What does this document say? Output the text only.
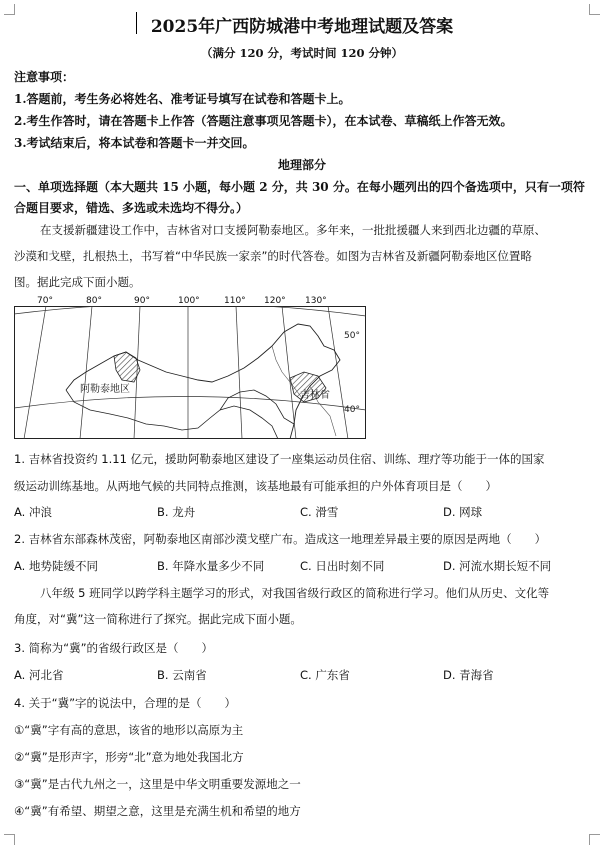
2025年广西防城港中考地理试题及答案
（满分 120 分，考试时间 120 分钟）
注意事项：
1.答题前，考生务必将姓名、准考证号填写在试卷和答题卡上。
2.考生作答时，请在答题卡上作答（答题注意事项见答题卡），在本试卷、草稿纸上作答无效。
3.考试结束后，将本试卷和答题卡一并交回。
地理部分
一、单项选择题（本大题共 15 小题，每小题 2 分，共 30 分。在每小题列出的四个备选项中，只有一项符
合题目要求，错选、多选或未选均不得分。）
在支援新疆建设工作中，吉林省对口支援阿勒泰地区。多年来，一批批援疆人来到西北边疆的草原、
沙漠和戈壁，扎根热土，书写着“中华民族一家亲”的时代答卷。如图为吉林省及新疆阿勒泰地区位置略
图。据此完成下面小题。
阿勒泰地区
吉林省
50°
40°
70°	80°	90°	100°	110° 120° 130°
1. 吉林省投资约 1.11 亿元，援助阿勒泰地区建设了一座集运动员住宿、训练、理疗等功能于一体的国家
级运动训练基地。从两地气候的共同特点推测，该基地最有可能承担的户外体育项目是（　　）
A. 冲浪	B. 龙舟	C. 滑雪	D. 网球
2. 吉林省东部森林茂密，阿勒泰地区南部沙漠戈壁广布。造成这一地理差异最主要的原因是两地（　　）
A. 地势陡缓不同	B. 年降水量多少不同	C. 日出时刻不同	D. 河流水期长短不同
八年级 5 班同学以跨学科主题学习的形式，对我国省级行政区的简称进行学习。他们从历史、文化等
角度，对“冀”这一简称进行了探究。据此完成下面小题。
3. 简称为“冀”的省级行政区是（　　）
A. 河北省	B. 云南省	C. 广东省	D. 青海省
4. 关于“冀”字的说法中，合理的是（　　）
①“冀”字有高的意思，该省的地形以高原为主
②“冀”是形声字，形旁“北”意为地处我国北方
③“冀”是古代九州之一，这里是中华文明重要发源地之一
④“冀”有希望、期望之意，这里是充满生机和希望的地方
